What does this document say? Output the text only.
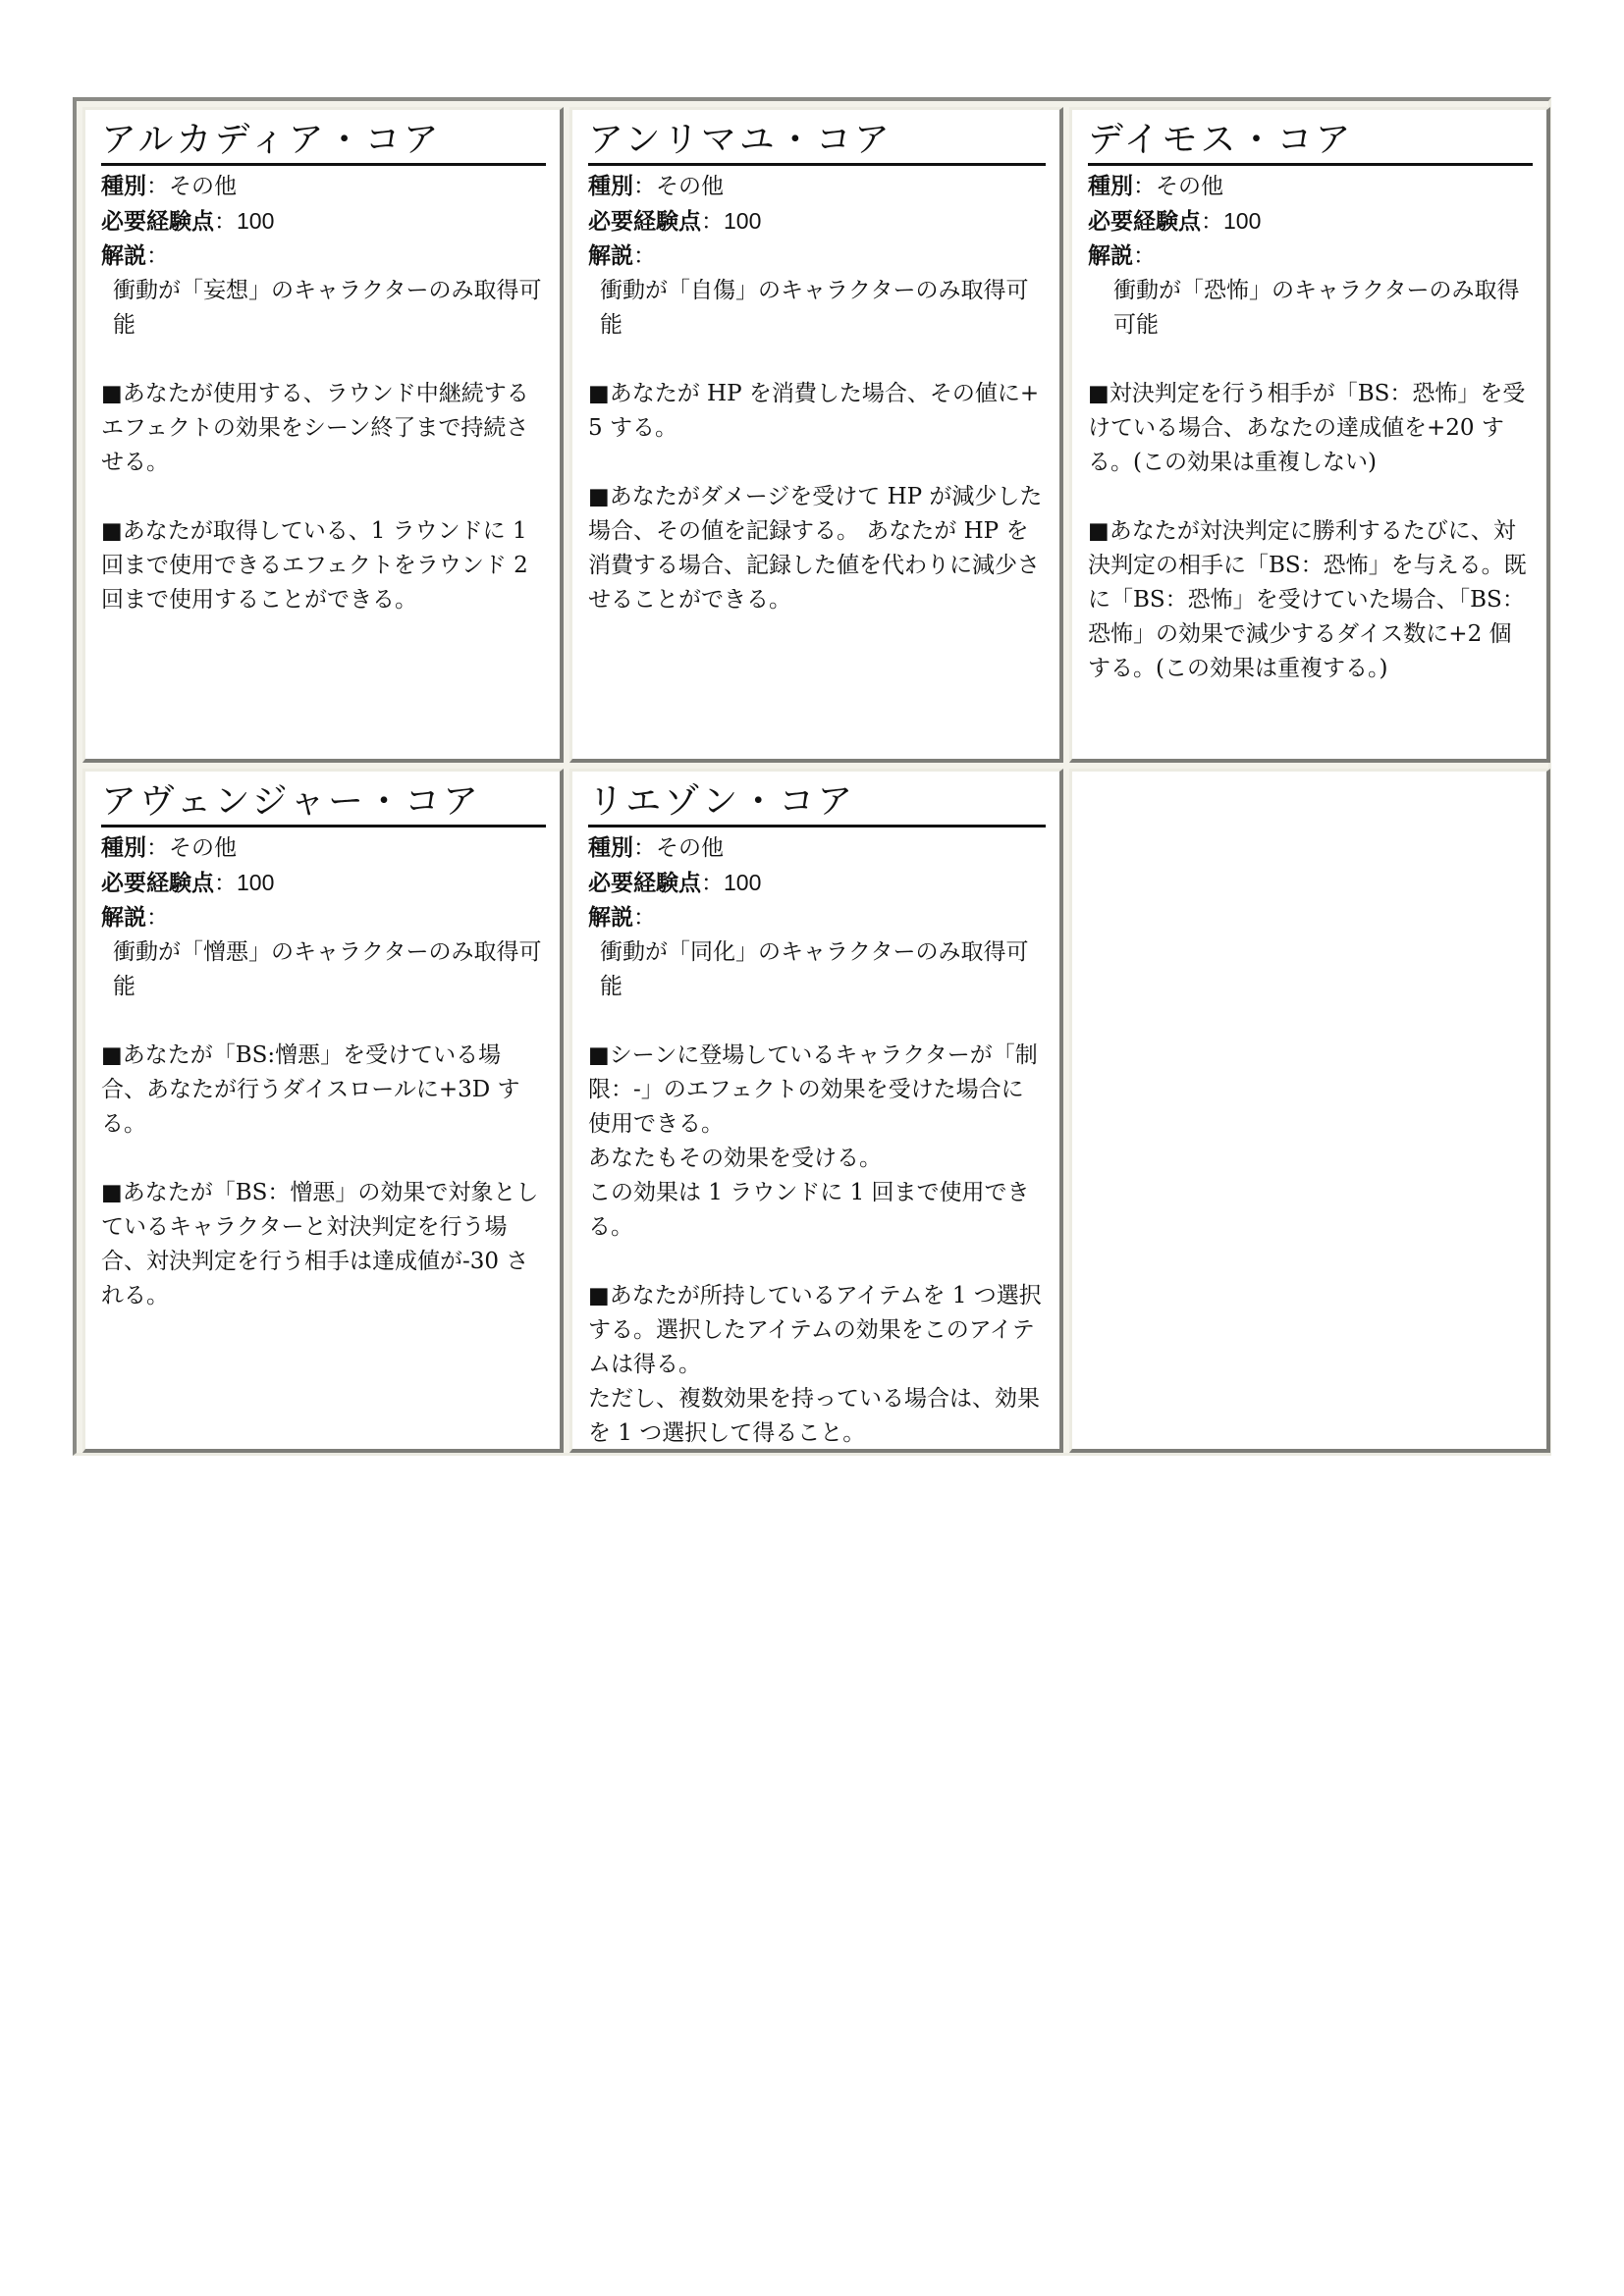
アルカディア・コア
種別：その他
必要経験点：100
解説：

衝動が「妄想」のキャラクターのみ取得可能

■あなたが使用する、ラウンド中継続するエフェクトの効果をシーン終了まで持続させる。

■あなたが取得している、1 ラウンドに 1 回まで使用できるエフェクトをラウンド 2 回まで使用することができる。

アンリマユ・コア
種別：その他
必要経験点：100
解説：

衝動が「自傷」のキャラクターのみ取得可能

■あなたが HP を消費した場合、その値に+5 する。

■あなたがダメージを受けて HP が減少した場合、その値を記録する。 あなたが HP を消費する場合、記録した値を代わりに減少させることができる。

デイモス・コア
種別：その他
必要経験点：100
解説：

衝動が「恐怖」のキャラクターのみ取得可能

■対決判定を行う相手が「BS：恐怖」を受けている場合、あなたの達成値を+20 する。(この効果は重複しない)

■あなたが対決判定に勝利するたびに、対決判定の相手に「BS：恐怖」を与える。既に「BS：恐怖」を受けていた場合、「BS：恐怖」の効果で減少するダイス数に+2 個する。(この効果は重複する。)

アヴェンジャー・コア
種別：その他
必要経験点：100
解説：

衝動が「憎悪」のキャラクターのみ取得可能

■あなたが「BS:憎悪」を受けている場合、あなたが行うダイスロールに+3D する。

■あなたが「BS：憎悪」の効果で対象としているキャラクターと対決判定を行う場合、対決判定を行う相手は達成値が-30 される。

リエゾン・コア
種別：その他
必要経験点：100
解説：

衝動が「同化」のキャラクターのみ取得可能

■シーンに登場しているキャラクターが「制限：-」のエフェクトの効果を受けた場合に使用できる。
あなたもその効果を受ける。
この効果は 1 ラウンドに 1 回まで使用できる。

■あなたが所持しているアイテムを 1 つ選択する。選択したアイテムの効果をこのアイテムは得る。
ただし、複数効果を持っている場合は、効果を 1 つ選択して得ること。
